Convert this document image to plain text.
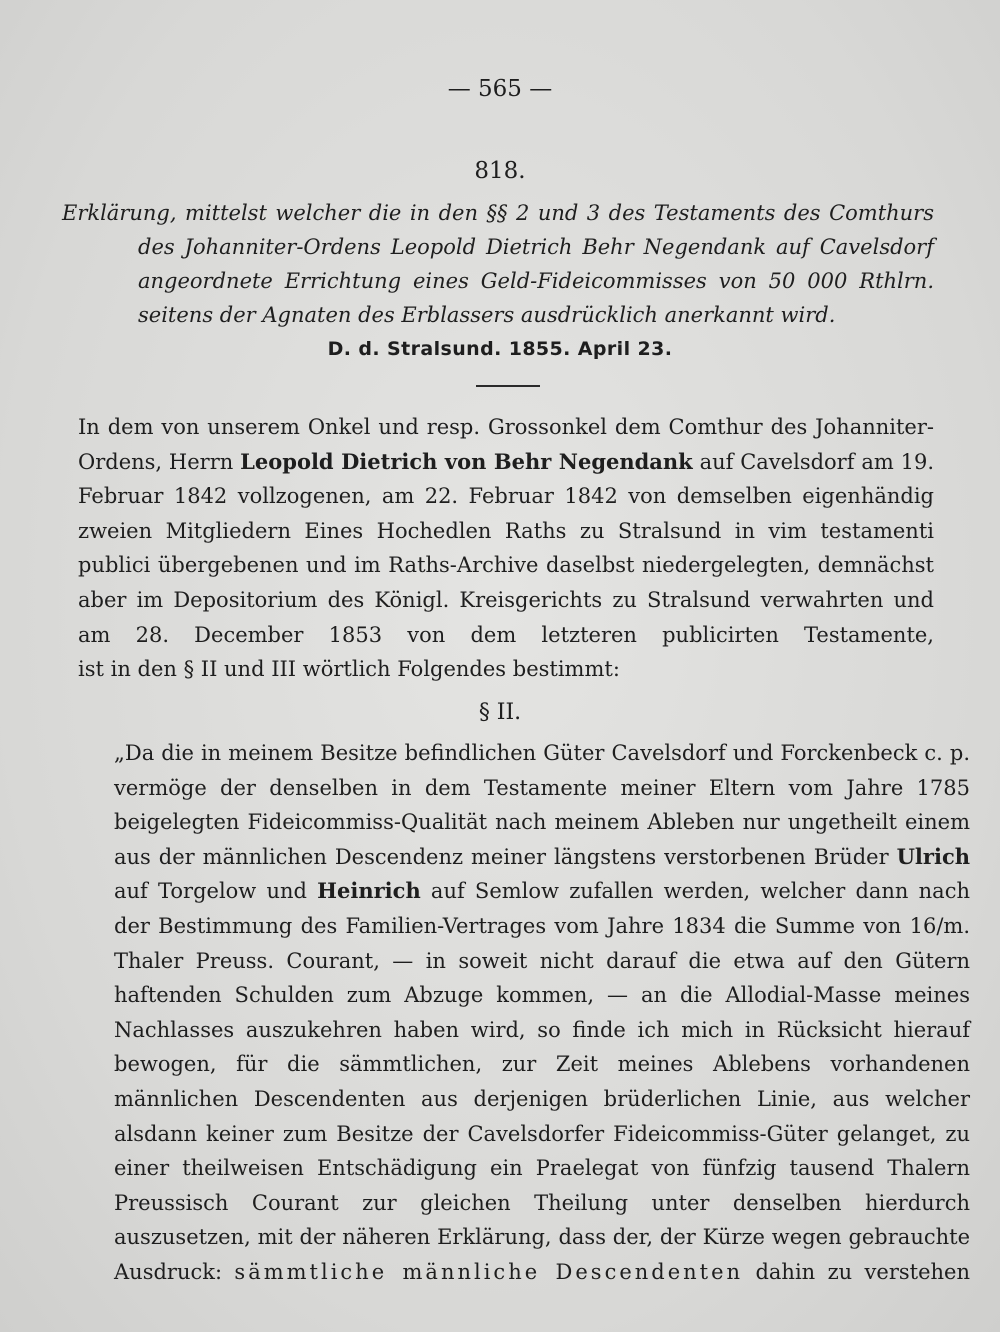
— 565 —
818.
Erklärung, mittelst welcher die in den §§ 2 und 3 des Testaments des Comthurs
des Johanniter-Ordens Leopold Dietrich Behr Negendank auf Cavelsdorf angeordnete Errichtung eines Geld-Fideicommisses von 50 000 Rthlrn. seitens der Agnaten des Erblassers ausdrücklich anerkannt wird.
D. d. Stralsund. 1855. April 23.
In dem von unserem Onkel und resp. Grossonkel dem Comthur des Johanniter-Ordens, Herrn Leopold Dietrich von Behr Negendank auf Cavelsdorf am 19. Februar 1842 vollzogenen, am 22. Februar 1842 von demselben eigenhändig zweien Mitgliedern Eines Hochedlen Raths zu Stralsund in vim testamenti publici übergebenen und im Raths-Archive daselbst niedergelegten, demnächst aber im Depositorium des Königl. Kreisgerichts zu Stralsund verwahrten und am 28. December 1853 von dem letzteren publicirten Testamente,
ist in den § II und III wörtlich Folgendes bestimmt:
§ II.
„Da die in meinem Besitze befindlichen Güter Cavelsdorf und Forckenbeck c. p. vermöge der denselben in dem Testamente meiner Eltern vom Jahre 1785 beigelegten Fideicommiss-Qualität nach meinem Ableben nur ungetheilt einem aus der männlichen Descendenz meiner längstens verstorbenen Brüder Ulrich auf Torgelow und Heinrich auf Semlow zufallen werden, welcher dann nach der Bestimmung des Familien-Vertrages vom Jahre 1834 die Summe von 16/m. Thaler Preuss. Courant, — in soweit nicht darauf die etwa auf den Gütern haftenden Schulden zum Abzuge kommen, — an die Allodial-Masse meines Nachlasses auszukehren haben wird, so finde ich mich in Rücksicht hierauf bewogen, für die sämmtlichen, zur Zeit meines Ablebens vorhandenen männlichen Descendenten aus derjenigen brüderlichen Linie, aus welcher alsdann keiner zum Besitze der Cavelsdorfer Fideicommiss-Güter gelanget, zu einer theilweisen Entschädigung ein Praelegat von fünfzig tausend Thalern Preussisch Courant zur gleichen Theilung unter denselben hierdurch auszusetzen, mit der näheren Erklärung, dass der, der Kürze wegen gebrauchte Ausdruck: sämmtliche männliche Descendenten dahin zu verstehen
